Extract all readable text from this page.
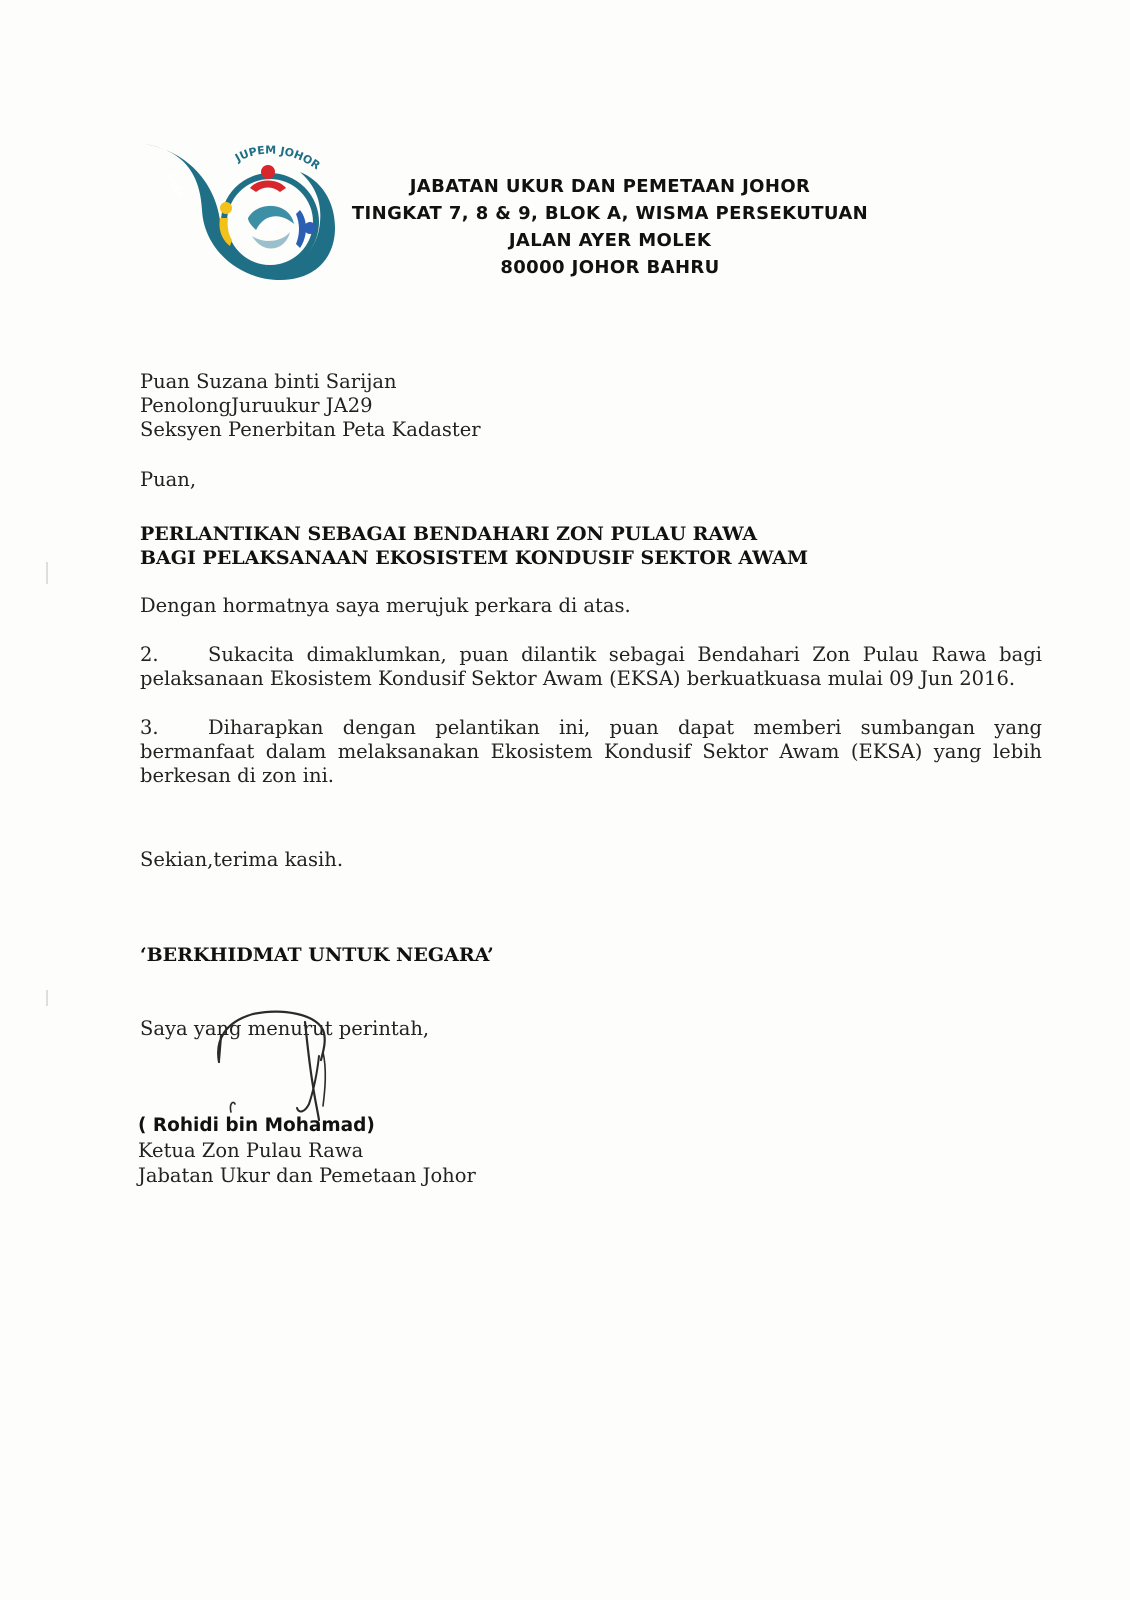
JUPEM JOHOR
EKSA	JABATAN UKUR DAN PEMETAAN JOHOR
TINGKAT 7, 8 & 9, BLOK A, WISMA PERSEKUTUAN
JALAN AYER MOLEK
80000 JOHOR BAHRU
Puan Suzana binti Sarijan
PenolongJuruukur JA29
Seksyen Penerbitan Peta Kadaster
Puan,
PERLANTIKAN SEBAGAI BENDAHARI ZON PULAU RAWA
BAGI PELAKSANAAN EKOSISTEM KONDUSIF SEKTOR AWAM
Dengan hormatnya saya merujuk perkara di atas.
2.	Sukacita dimaklumkan, puan dilantik sebagai Bendahari Zon Pulau Rawa bagi pelaksanaan Ekosistem Kondusif Sektor Awam (EKSA) berkuatkuasa mulai 09 Jun 2016.
3.	Diharapkan dengan pelantikan ini, puan dapat memberi sumbangan yang bermanfaat dalam melaksanakan Ekosistem Kondusif Sektor Awam (EKSA) yang lebih berkesan di zon ini.
Sekian,terima kasih.
‘BERKHIDMAT UNTUK NEGARA’
Saya yang menurut perintah,
( Rohidi bin Mohamad)
Ketua Zon Pulau Rawa
Jabatan Ukur dan Pemetaan Johor
